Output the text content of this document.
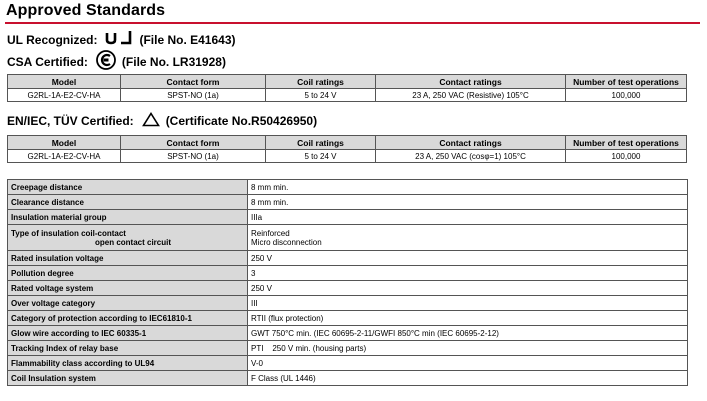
Approved Standards
UL Recognized:	(File No. E41643)
CSA Certified:	(File No. LR31928)
Model	Contact form	Coil ratings	Contact ratings	Number of test operations
G2RL-1A-E2-CV-HA	SPST-NO (1a)	5 to 24 V	23 A, 250 VAC (Resistive) 105°C	100,000
EN/IEC, TÜV Certified:	(Certificate No.R50426950)
Model	Contact form	Coil ratings	Contact ratings	Number of test operations
G2RL-1A-E2-CV-HA	SPST-NO (1a)	5 to 24 V	23 A, 250 VAC (cosφ=1) 105°C	100,000
Creepage distance	8 mm min.
Clearance distance	8 mm min.
Insulation material group	IIIa
Type of insulation coil-contact
open contact circuit	Reinforced
Micro disconnection

Rated insulation voltage	250 V
Pollution degree	3
Rated voltage system	250 V
Over voltage category	III
Category of protection according to IEC61810-1	RTII (flux protection)
Glow wire according to IEC 60335-1	GWT 750°C min. (IEC 60695-2-11/GWFI 850°C min (IEC 60695-2-12)
Tracking Index of relay base	PTI    250 V min. (housing parts)
Flammability class according to UL94	V-0
Coil Insulation system	F Class (UL 1446)
